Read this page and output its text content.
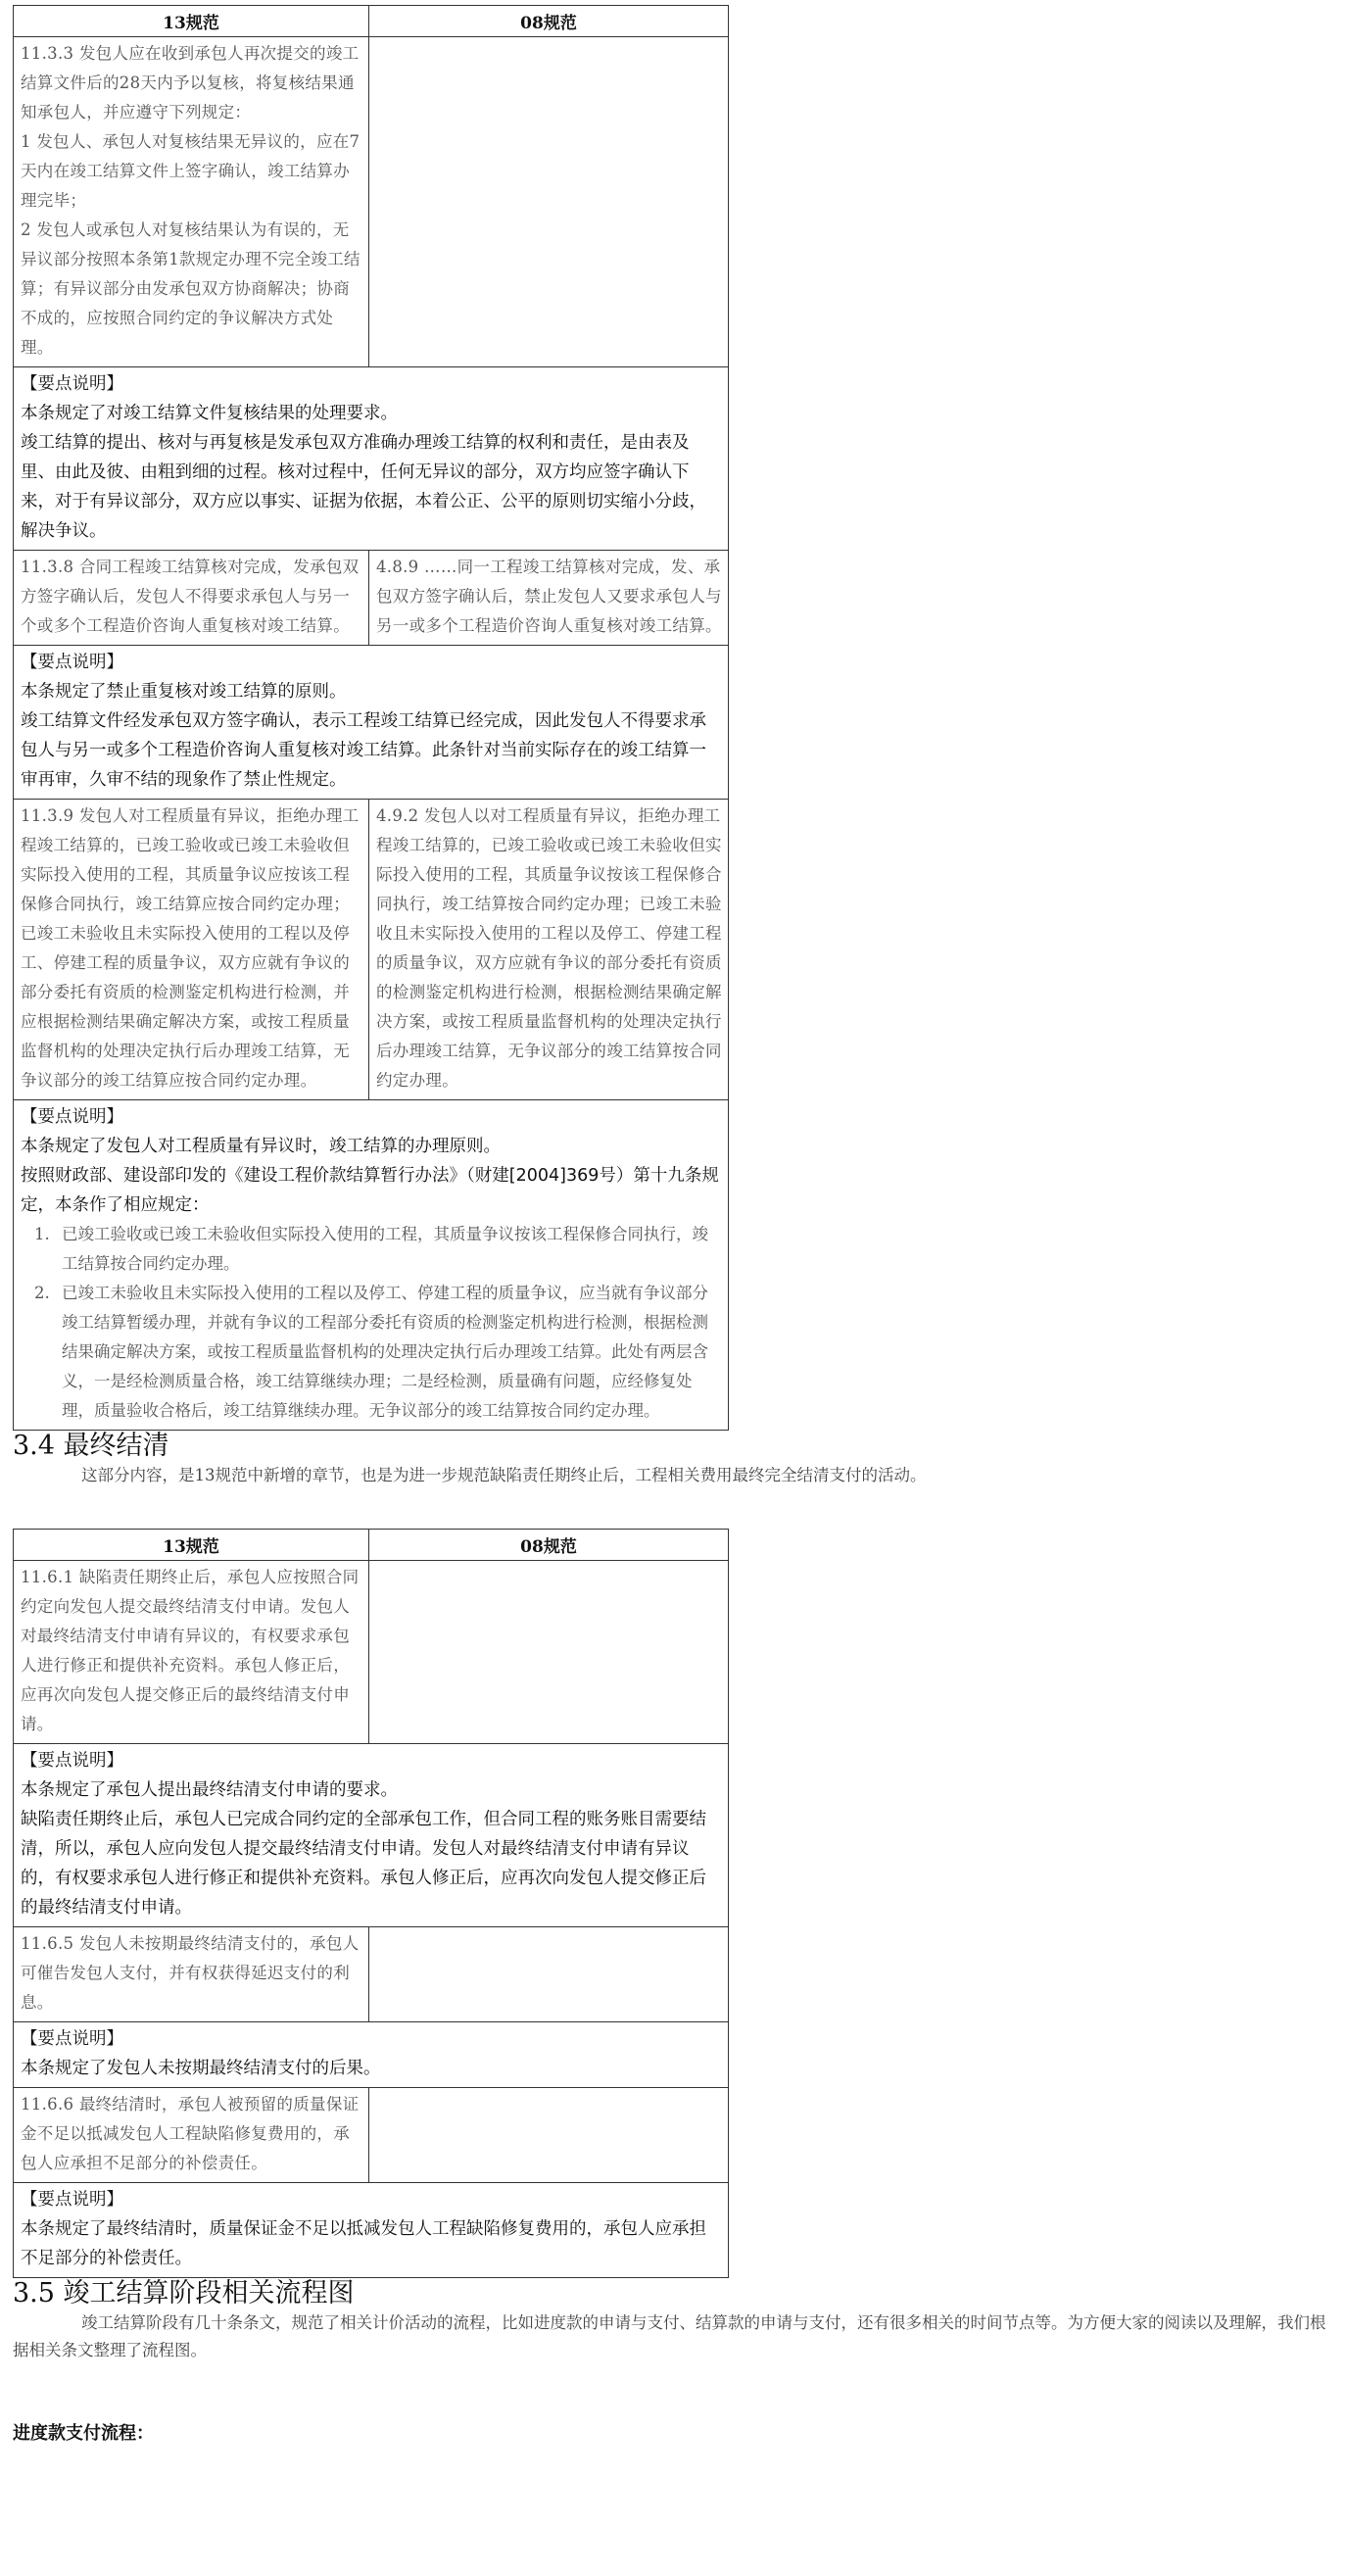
13规范	08规范

11.3.3 发包人应在收到承包人再次提交的竣工结算文件后的28天内予以复核，将复核结果通知承包人，并应遵守下列规定：
1 发包人、承包人对复核结果无异议的，应在7天内在竣工结算文件上签字确认，竣工结算办理完毕；
2 发包人或承包人对复核结果认为有误的，无异议部分按照本条第1款规定办理不完全竣工结算；有异议部分由发承包双方协商解决；协商不成的，应按照合同约定的争议解决方式处理。	

【要点说明】
本条规定了对竣工结算文件复核结果的处理要求。
竣工结算的提出、核对与再复核是发承包双方准确办理竣工结算的权利和责任，是由表及里、由此及彼、由粗到细的过程。核对过程中，任何无异议的部分，双方均应签字确认下来，对于有异议部分，双方应以事实、证据为依据，本着公正、公平的原则切实缩小分歧，解决争议。	

11.3.8 合同工程竣工结算核对完成，发承包双方签字确认后，发包人不得要求承包人与另一个或多个工程造价咨询人重复核对竣工结算。	4.8.9 ……同一工程竣工结算核对完成，发、承包双方签字确认后，禁止发包人又要求承包人与另一或多个工程造价咨询人重复核对竣工结算。

【要点说明】
本条规定了禁止重复核对竣工结算的原则。
竣工结算文件经发承包双方签字确认，表示工程竣工结算已经完成，因此发包人不得要求承包人与另一或多个工程造价咨询人重复核对竣工结算。此条针对当前实际存在的竣工结算一审再审，久审不结的现象作了禁止性规定。	

11.3.9 发包人对工程质量有异议，拒绝办理工程竣工结算的，已竣工验收或已竣工未验收但实际投入使用的工程，其质量争议应按该工程保修合同执行，竣工结算应按合同约定办理；已竣工未验收且未实际投入使用的工程以及停工、停建工程的质量争议，双方应就有争议的部分委托有资质的检测鉴定机构进行检测，并应根据检测结果确定解决方案，或按工程质量监督机构的处理决定执行后办理竣工结算，无争议部分的竣工结算应按合同约定办理。	4.9.2 发包人以对工程质量有异议，拒绝办理工程竣工结算的，已竣工验收或已竣工未验收但实际投入使用的工程，其质量争议按该工程保修合同执行，竣工结算按合同约定办理；已竣工未验收且未实际投入使用的工程以及停工、停建工程的质量争议，双方应就有争议的部分委托有资质的检测鉴定机构进行检测，根据检测结果确定解决方案，或按工程质量监督机构的处理决定执行后办理竣工结算，无争议部分的竣工结算按合同约定办理。

【要点说明】
本条规定了发包人对工程质量有异议时，竣工结算的办理原则。
按照财政部、建设部印发的《建设工程价款结算暂行办法》（财建[2004]369号）第十九条规定，本条作了相应规定：
1. 已竣工验收或已竣工未验收但实际投入使用的工程，其质量争议按该工程保修合同执行，竣工结算按合同约定办理。
2. 已竣工未验收且未实际投入使用的工程以及停工、停建工程的质量争议，应当就有争议部分竣工结算暂缓办理，并就有争议的工程部分委托有资质的检测鉴定机构进行检测，根据检测结果确定解决方案，或按工程质量监督机构的处理决定执行后办理竣工结算。此处有两层含义，一是经检测质量合格，竣工结算继续办理；二是经检测，质量确有问题，应经修复处理，质量验收合格后，竣工结算继续办理。无争议部分的竣工结算按合同约定办理。	
3.4 最终结清

这部分内容，是13规范中新增的章节，也是为进一步规范缺陷责任期终止后，工程相关费用最终完全结清支付的活动。

13规范	08规范

11.6.1 缺陷责任期终止后，承包人应按照合同约定向发包人提交最终结清支付申请。发包人对最终结清支付申请有异议的，有权要求承包人进行修正和提供补充资料。承包人修正后，应再次向发包人提交修正后的最终结清支付申请。	

【要点说明】
本条规定了承包人提出最终结清支付申请的要求。
缺陷责任期终止后，承包人已完成合同约定的全部承包工作，但合同工程的账务账目需要结清，所以，承包人应向发包人提交最终结清支付申请。发包人对最终结清支付申请有异议的，有权要求承包人进行修正和提供补充资料。承包人修正后，应再次向发包人提交修正后的最终结清支付申请。	

11.6.5 发包人未按期最终结清支付的，承包人可催告发包人支付，并有权获得延迟支付的利息。	

【要点说明】
本条规定了发包人未按期最终结清支付的后果。	

11.6.6 最终结清时，承包人被预留的质量保证金不足以抵减发包人工程缺陷修复费用的，承包人应承担不足部分的补偿责任。	

【要点说明】
本条规定了最终结清时，质量保证金不足以抵减发包人工程缺陷修复费用的，承包人应承担不足部分的补偿责任。	
3.5 竣工结算阶段相关流程图

竣工结算阶段有几十条条文，规范了相关计价活动的流程，比如进度款的申请与支付、结算款的申请与支付，还有很多相关的时间节点等。为方便大家的阅读以及理解，我们根据相关条文整理了流程图。

进度款支付流程：
